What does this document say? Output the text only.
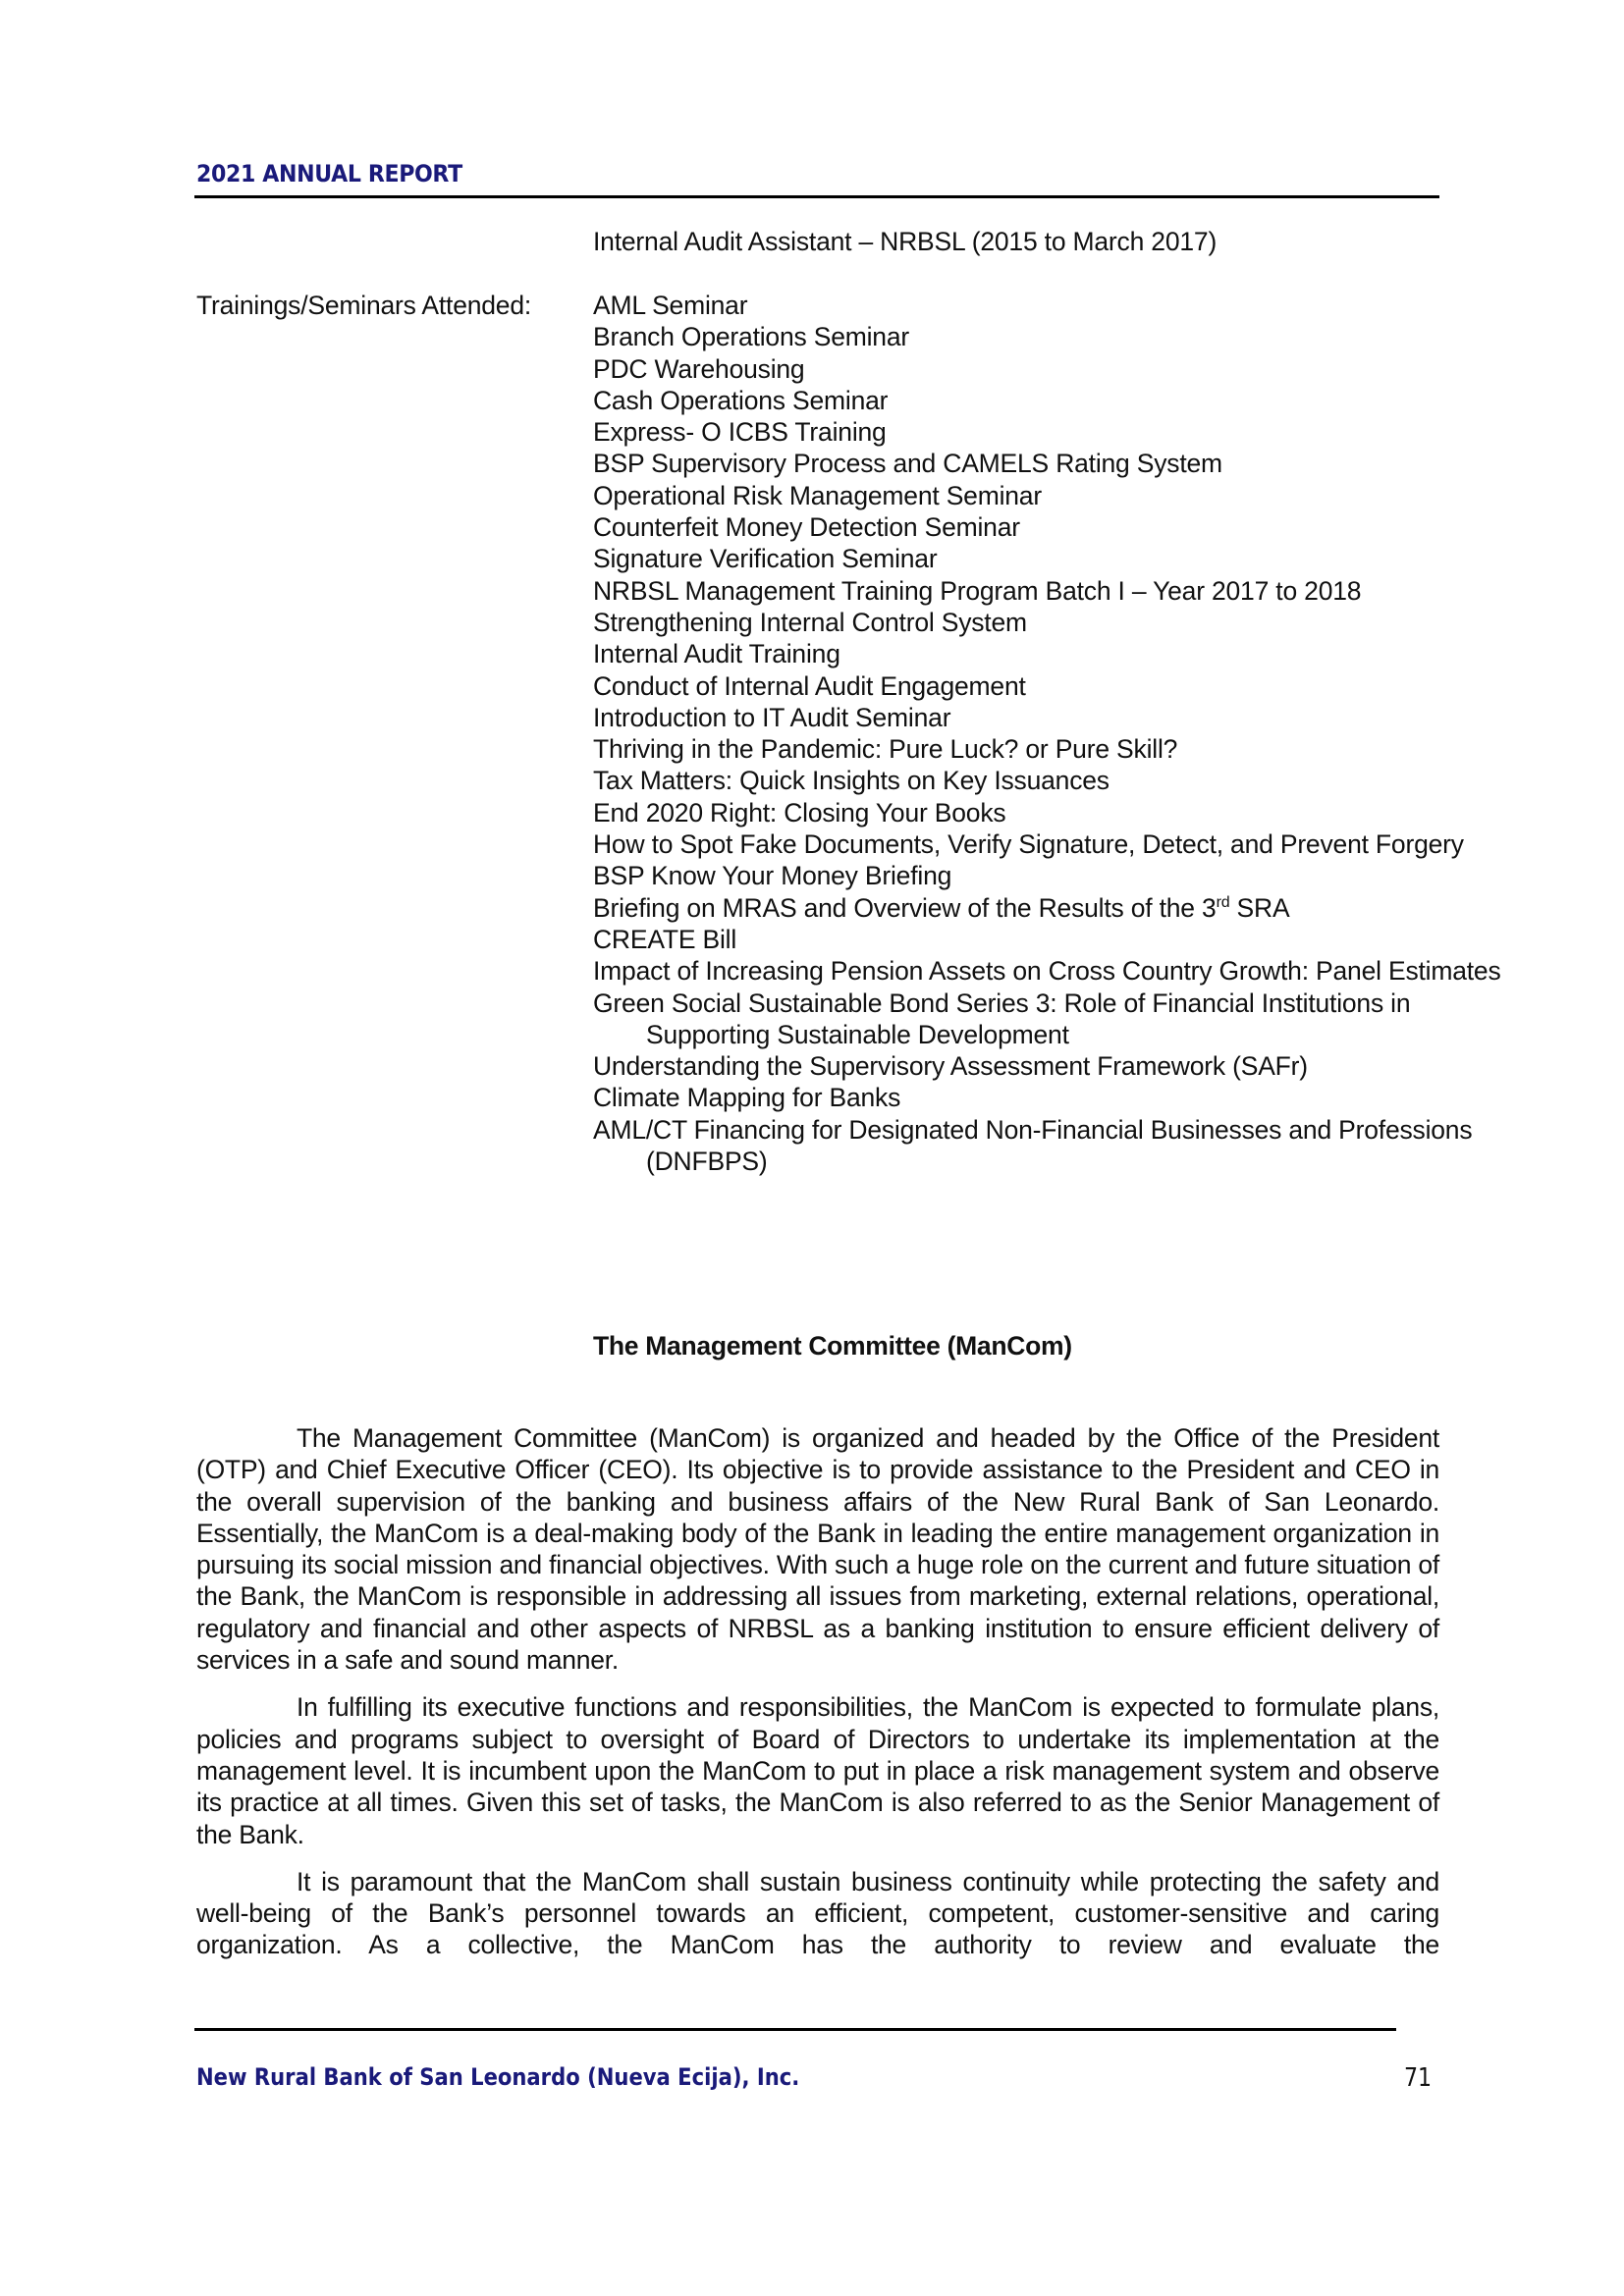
2021 ANNUAL REPORT
Internal Audit Assistant – NRBSL (2015 to March 2017)
Trainings/Seminars Attended: AML Seminar
Branch Operations Seminar
PDC Warehousing
Cash Operations Seminar
Express- O ICBS Training
BSP Supervisory Process and CAMELS Rating System
Operational Risk Management Seminar
Counterfeit Money Detection Seminar
Signature Verification Seminar
NRBSL Management Training Program Batch I – Year 2017 to 2018
Strengthening Internal Control System
Internal Audit Training
Conduct of Internal Audit Engagement
Introduction to IT Audit Seminar
Thriving in the Pandemic: Pure Luck? or Pure Skill?
Tax Matters: Quick Insights on Key Issuances
End 2020 Right: Closing Your Books
How to Spot Fake Documents, Verify Signature, Detect, and Prevent Forgery
BSP Know Your Money Briefing
Briefing on MRAS and Overview of the Results of the 3rd SRA
CREATE Bill
Impact of Increasing Pension Assets on Cross Country Growth: Panel Estimates
Green Social Sustainable Bond Series 3: Role of Financial Institutions in Supporting Sustainable Development
Understanding the Supervisory Assessment Framework (SAFr)
Climate Mapping for Banks
AML/CT Financing for Designated Non-Financial Businesses and Professions (DNFBPS)
The Management Committee (ManCom)

The Management Committee (ManCom) is organized and headed by the Office of the President (OTP) and Chief Executive Officer (CEO). Its objective is to provide assistance to the President and CEO in the overall supervision of the banking and business affairs of the New Rural Bank of San Leonardo. Essentially, the ManCom is a deal-making body of the Bank in leading the entire management organization in pursuing its social mission and financial objectives. With such a huge role on the current and future situation of the Bank, the ManCom is responsible in addressing all issues from marketing, external relations, operational, regulatory and financial and other aspects of NRBSL as a banking institution to ensure efficient delivery of services in a safe and sound manner.

In fulfilling its executive functions and responsibilities, the ManCom is expected to formulate plans, policies and programs subject to oversight of Board of Directors to undertake its implementation at the management level. It is incumbent upon the ManCom to put in place a risk management system and observe its practice at all times. Given this set of tasks, the ManCom is also referred to as the Senior Management of the Bank.

It is paramount that the ManCom shall sustain business continuity while protecting the safety and well-being of the Bank’s personnel towards an efficient, competent, customer-sensitive and caring organization. As a collective, the ManCom has the authority to review and evaluate the

New Rural Bank of San Leonardo (Nueva Ecija), Inc.	71
